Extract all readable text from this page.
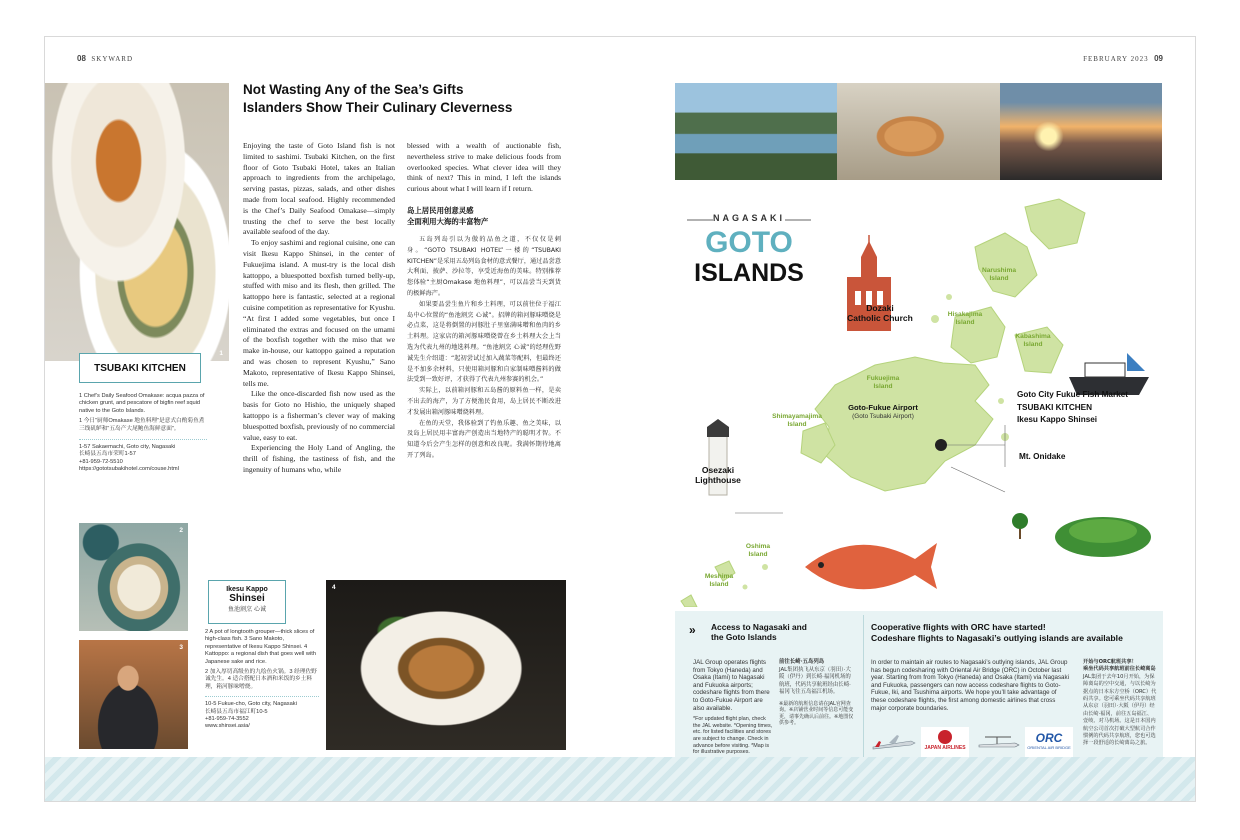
08 SKYWARD	FEBRUARY 2023 09
1
TSUBAKI KITCHEN
1 Chef’s Daily Seafood Omakase: acqua pazza of chicken grunt, and pescatore of bigfin reef squid native to the Goto Islands.
1 今日“厨师Omakase 地鱼料理”是意式白酌菊鱼煮三线矶鲈和“五岛产大尾鲍鱼海鲜意面”。
1-57 Sakaemachi, Goto city, Nagasaki
长崎县五岛市荣町1-57
+81-959-72-5510
https://gototsubakihotel.com/couse.html
2
3
Ikesu Kappo
Shinsei
鱼池割烹 心诚
2 A pot of longtooth grouper—thick slices of high-class fish. 3 Sano Makoto, representative of Ikesu Kappo Shinsei. 4 Kattoppo: a regional dish that goes well with Japanese sake and rice.
2 加入厚切高级鱼的九绘鱼火锅。3 经理佐野诚先生。4 适合搭配日本酒和米饭的乡土料理，箱河豚味噌烧。
10-5 Fukue-cho, Goto city, Nagasaki
长崎县五岛市福江町10-5
+81-959-74-3552
www.shinsei.asia/
4
Not Wasting Any of the Sea’s Gifts
Islanders Show Their Culinary Cleverness

Enjoying the taste of Goto Island fish is not limited to sashimi. Tsubaki Kitchen, on the first floor of Goto Tsubaki Hotel, takes an Italian approach to ingredients from the archipelago, serving pastas, pizzas, salads, and other dishes made from local seafood. Highly recommended is the Chef’s Daily Seafood Omakase—simply trusting the chef to serve the best locally available seafood of the day.

To enjoy sashimi and regional cuisine, one can visit Ikesu Kappo Shinsei, in the center of Fukuejima island. A must-try is the local dish kattoppo, a bluespotted boxfish turned belly-up, stuffed with miso and its flesh, then grilled. The kattoppo here is fantastic, selected at a regional cuisine competition as representative for Kyushu. “At first I added some vegetables, but once I eliminated the extras and focused on the umami of the boxfish together with the miso that we make in-house, our kattoppo gained a reputation and was chosen to represent Kyushu,” Sano Makoto, representative of Ikesu Kappo Shinsei, tells me.

Like the once-discarded fish now used as the basis for Goto no Hishio, the uniquely shaped kattoppo is a fisherman’s clever way of making bluespotted boxfish, previously of no commercial value, easy to eat.

Experiencing the Holy Land of Angling, the thrill of fishing, the tastiness of fish, and the ingenuity of humans who, while

blessed with a wealth of auctionable fish, nevertheless strive to make delicious foods from overlooked species. What clever idea will they think of next? This in mind, I left the islands curious about what I will learn if I return.
岛上居民用创意灵感
全面利用大海的丰富物产

五岛列岛引以为傲的品鱼之道，不仅仅是刺身。“GOTO TSUBAKI HOTEL”一楼的“TSUBAKI KITCHEN”是采用五岛列岛食材的意式餐厅，通过品尝意大利面、披萨、沙拉等，享受近海鱼的美味。特别推荐您体验“主厨Omakase 地鱼料理”，可以品尝当天到货的极鲜海产。

如果要品尝生鱼片和乡土料理，可以前往位于福江岛中心位置的“鱼池割烹 心诚”。招牌的箱河豚味噌烧是必点菜，这是将倒置的河豚肚子里塞满味噌和鱼肉的乡土料理。这家店的箱河豚味噌烧曾在乡土料理大会上当选为代表九州的地选料理。“鱼池割烹 心诚”的经理佐野诚先生介绍道：“起初尝试过加入蔬菜等配料，但最终还是不加多余材料，只使用箱河豚和自家制味噌酱料的做法受到一致好评，才获得了代表九州参赛的机会。”

实际上，以前箱河豚和五岛酱的原料鱼一样，是卖不出去的海产，为了方便渔民食用，岛上居民不断改进才发展出箱河豚味噌烧料理。

在鱼的天堂，我体验到了钓鱼乐趣、鱼之美味，以及岛上居民用丰富海产创造出当地特产的聪明才智。不知道今后会产生怎样的创意和改良呢。我满怀期待地离开了列岛。

NAGASAKI
GOTO
ISLANDS
Dozaki
Catholic Church
Narushima
Island
Hisakajima
Island
Kabashima
Island
Fukuejima
Island
Shimayamajima
Island
Oshima
Island
Meshima
Island
Goto-Fukue Airport
(Goto Tsubaki Airport)
Osezaki
Lighthouse
Goto City Fukue Fish Market
TSUBAKI KITCHEN
Ikesu Kappo Shinsei
Mt. Onidake
» Access to Nagasaki and
the Goto Islands
JAL Group operates flights from Tokyo (Haneda) and Osaka (Itami) to Nagasaki and Fukuoka airports; codeshare flights from there to Goto-Fukue Airport are also available.
*For updated flight plan, check the JAL website. *Opening times, etc. for listed facilities and stores are subject to change. Check in advance before visiting. *Map is for illustrative purposes.
前往长崎·五岛列岛
JAL集团执飞从东京（羽田）·大阪（伊丹）到长崎·福冈机场的航班，代码共享航班经由长崎·福冈飞往五岛福江机场。
※最新的航班信息请在JAL官网查询。※店铺营业时间等信息可能变更，请事先确认后前往。※地图仅供参考。
Cooperative flights with ORC have started!
Codeshare flights to Nagasaki’s outlying islands are available
In order to maintain air routes to Nagasaki’s outlying islands, JAL Group has begun codesharing with Oriental Air Bridge (ORC) in October last year. Starting from from Tokyo (Haneda) and Osaka (Itami) via Nagasaki and Fukuoka, passengers can now access codeshare flights to Goto-Fukue, Iki, and Tsushima airports. We hope you’ll take advantage of these codeshare flights, the first among domestic airlines that cross major corporate boundaries.
开始与ORC航班共享！
乘坐代码共享航班前往长崎离岛
JAL集团于去年10月开始，为保障离岛的空中交通，与以长崎为据点的日本东方空桥（ORC）代码共享。您可乘坐代码共享航班从东京（羽田）·大阪（伊丹）经由长崎·福冈，前往五岛福江、壹岐、对马机场。这是日本国内航空公司首次打破大型航司合作惯例的代码共享航班，您也可选择一段舒适的长崎离岛之旅。
JAPAN AIRLINES
ORC
ORIENTAL AIR BRIDGE
